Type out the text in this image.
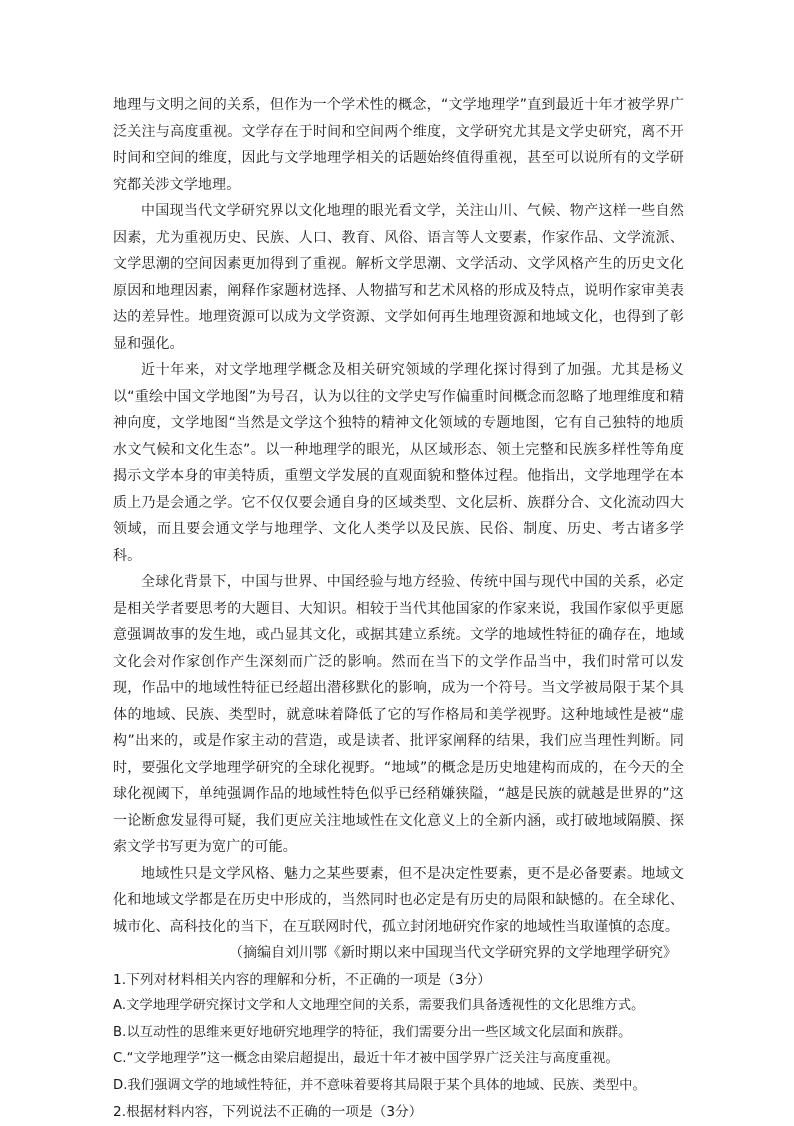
地理与文明之间的关系，但作为一个学术性的概念，“文学地理学”直到最近十年才被学界广泛关注与高度重视。文学存在于时间和空间两个维度，文学研究尤其是文学史研究，离不开时间和空间的维度，因此与文学地理学相关的话题始终值得重视，甚至可以说所有的文学研究都关涉文学地理。

中国现当代文学研究界以文化地理的眼光看文学，关注山川、气候、物产这样一些自然因素，尤为重视历史、民族、人口、教育、风俗、语言等人文要素，作家作品、文学流派、文学思潮的空间因素更加得到了重视。解析文学思潮、文学活动、文学风格产生的历史文化原因和地理因素，阐释作家题材选择、人物描写和艺术风格的形成及特点，说明作家审美表达的差异性。地理资源可以成为文学资源、文学如何再生地理资源和地域文化，也得到了彰显和强化。

近十年来，对文学地理学概念及相关研究领域的学理化探讨得到了加强。尤其是杨义以“重绘中国文学地图”为号召，认为以往的文学史写作偏重时间概念而忽略了地理维度和精神向度，文学地图“当然是文学这个独特的精神文化领域的专题地图，它有自己独特的地质水文气候和文化生态”。以一种地理学的眼光，从区域形态、领土完整和民族多样性等角度揭示文学本身的审美特质，重塑文学发展的直观面貌和整体过程。他指出，文学地理学在本质上乃是会通之学。它不仅仅要会通自身的区域类型、文化层析、族群分合、文化流动四大领域，而且要会通文学与地理学、文化人类学以及民族、民俗、制度、历史、考古诸多学科。

全球化背景下，中国与世界、中国经验与地方经验、传统中国与现代中国的关系，必定是相关学者要思考的大题目、大知识。相较于当代其他国家的作家来说，我国作家似乎更愿意强调故事的发生地，或凸显其文化，或据其建立系统。文学的地域性特征的确存在，地域文化会对作家创作产生深刻而广泛的影响。然而在当下的文学作品当中，我们时常可以发现，作品中的地域性特征已经超出潜移默化的影响，成为一个符号。当文学被局限于某个具体的地域、民族、类型时，就意味着降低了它的写作格局和美学视野。这种地域性是被“虚构”出来的，或是作家主动的营造，或是读者、批评家阐释的结果，我们应当理性判断。同时，要强化文学地理学研究的全球化视野。“地域”的概念是历史地建构而成的，在今天的全球化视阈下，单纯强调作品的地域性特色似乎已经稍嫌狭隘，“越是民族的就越是世界的”这一论断愈发显得可疑，我们更应关注地域性在文化意义上的全新内涵，或打破地域隔膜、探索文学书写更为宽广的可能。

地域性只是文学风格、魅力之某些要素，但不是决定性要素，更不是必备要素。地域文化和地域文学都是在历史中形成的，当然同时也必定是有历史的局限和缺憾的。在全球化、城市化、高科技化的当下，在互联网时代，孤立封闭地研究作家的地域性当取谨慎的态度。

（摘编自刘川鄂《新时期以来中国现当代文学研究界的文学地理学研究》

1.下列对材料相关内容的理解和分析，不正确的一项是（3分）

A.文学地理学研究探讨文学和人文地理空间的关系，需要我们具备透视性的文化思维方式。

B.以互动性的思维来更好地研究地理学的特征，我们需要分出一些区域文化层面和族群。

C.“文学地理学”这一概念由梁启超提出，最近十年才被中国学界广泛关注与高度重视。

D.我们强调文学的地域性特征，并不意味着要将其局限于某个具体的地域、民族、类型中。

2.根据材料内容，下列说法不正确的一项是（3分）
